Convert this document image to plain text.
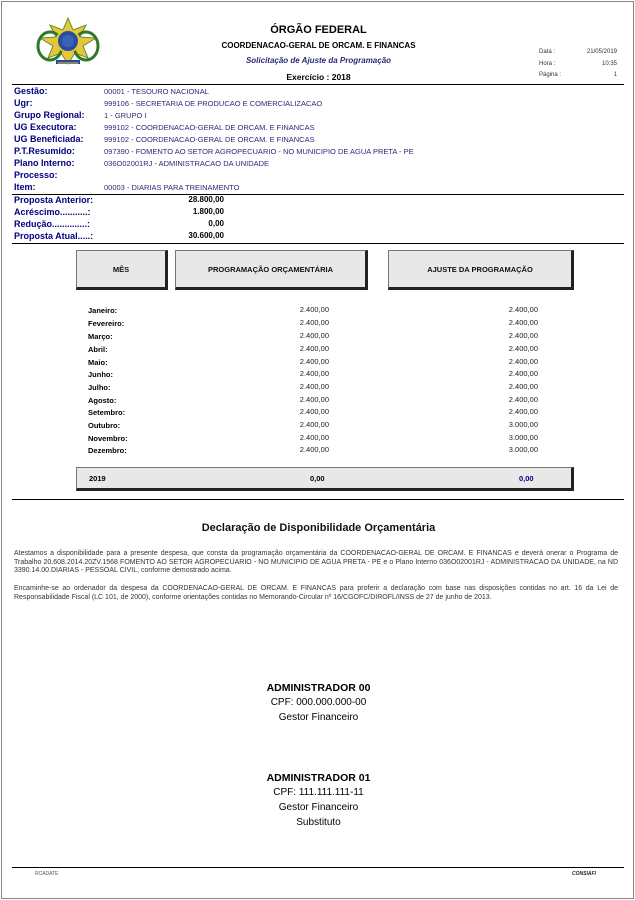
ÓRGÃO FEDERAL
COORDENACAO-GERAL DE ORCAM. E FINANCAS
Solicitação de Ajuste da Programação
Exercício : 2018
Data :	21/05/2019
Hora :	10:35
Página :	1
Gestão:	00001 - TESOURO NACIONAL
Ugr:	999106 - SECRETARIA DE PRODUCAO E COMERCIALIZACAO
Grupo Regional:	1 - GRUPO I
UG Executora:	999102 - COORDENACAO-GERAL DE ORCAM. E FINANCAS
UG Beneficiada:	999102 - COORDENACAO-GERAL DE ORCAM. E FINANCAS
P.T.Resumido:	097390 - FOMENTO AO SETOR AGROPECUARIO - NO MUNICIPIO DE AGUA PRETA - PE
Plano Interno:	036O02001RJ - ADMINISTRACAO DA UNIDADE
Processo:
Item:	00003 - DIARIAS PARA TREINAMENTO
Proposta Anterior:	28.800,00
Acréscimo...........:	1.800,00
Redução..............:	0,00
Proposta Atual.....:	30.600,00
MÊS	PROGRAMAÇÃO ORÇAMENTÁRIA	AJUSTE DA PROGRAMAÇÃO
Janeiro:	2.400,00	2.400,00
Fevereiro:	2.400,00	2.400,00
Março:	2.400,00	2.400,00
Abril:	2.400,00	2.400,00
Maio:	2.400,00	2.400,00
Junho:	2.400,00	2.400,00
Julho:	2.400,00	2.400,00
Agosto:	2.400,00	2.400,00
Setembro:	2.400,00	2.400,00
Outubro:	2.400,00	3.000,00
Novembro:	2.400,00	3.000,00
Dezembro:	2.400,00	3.000,00
2019	0,00	0,00
Declaração de Disponibilidade Orçamentária
Atestamos a disponibilidade para a presente despesa, que consta da programação orçamentária da COORDENACAO-GERAL DE ORCAM. E FINANCAS e deverá onerar o Programa de Trabalho 20.608.2014.20ZV.1568 FOMENTO AO SETOR AGROPECUARIO - NO MUNICIPIO DE AGUA PRETA - PE e o Plano Interno 036O02001RJ - ADMINISTRACAO DA UNIDADE, na ND 3390.14.00.DIARIAS - PESSOAL CIVIL, conforme demostrado acima.
Encaminhe-se ao ordenador da despesa da COORDENACAO-GERAL DE ORCAM. E FINANCAS para proferir a declaração com base nas disposições contidas no art. 16 da Lei de Responsabilidade Fiscal (LC 101, de 2000), conforme orientações contidas no Memorando-Circular nº 16/CGOFC/DIROFL/INSS de 27 de junho de 2013.
ADMINISTRADOR 00
CPF: 000.000.000-00
Gestor Financeiro
ADMINISTRADOR 01
CPF: 111.111.111-11
Gestor Financeiro
Substituto
RCADATE	CONSIAFI
